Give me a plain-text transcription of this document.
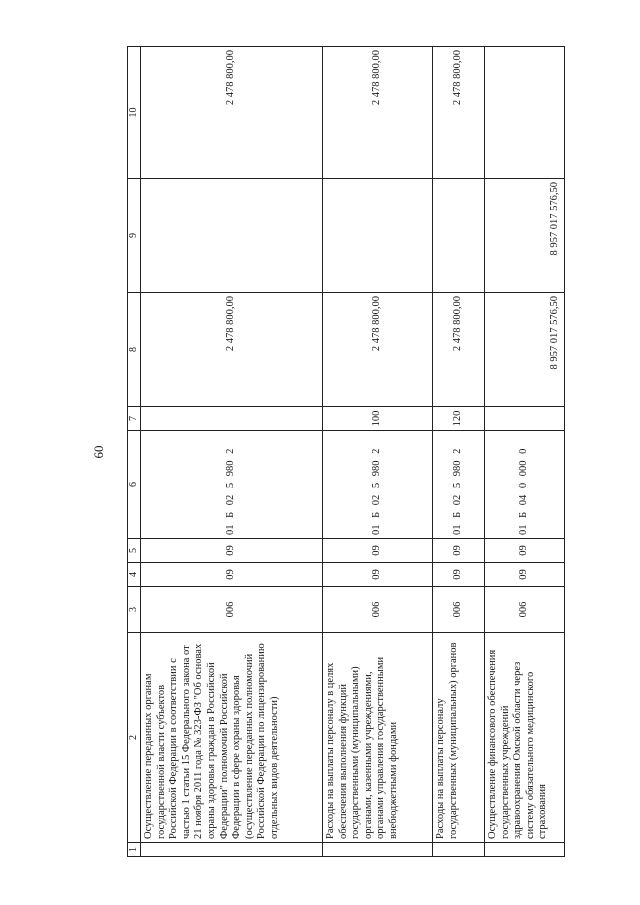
60
1	2	3	4	5	6	7	8	9	10
	Осуществление переданных органам государственной власти субъектов Российской Федерации в соответствии с частью 1 статьи 15 Федерального закона от 21 ноября 2011 года № 323-ФЗ "Об основах охраны здоровья граждан в Российской Федерации" полномочий Российской Федерации в сфере охраны здоровья (осуществление переданных полномочий Российской Федерации по лицензированию отдельных видов деятельности)	006	09	09	01 Б 02 5 980 2		2 478 800,00		2 478 800,00
	Расходы на выплаты персоналу в целях обеспечения выполнения функций государственными (муниципальными) органами, казенными учреждениями, органами управления государственными внебюджетными фондами	006	09	09	01 Б 02 5 980 2	100	2 478 800,00		2 478 800,00
	Расходы на выплаты персоналу государственных (муниципальных) органов	006	09	09	01 Б 02 5 980 2	120	2 478 800,00		2 478 800,00
	Осуществление финансового обеспечения государственных учреждений здравоохранения Омской области через систему обязательного медицинского страхования	006	09	09	01 Б 04 0 000 0		8 957 017 576,50	8 957 017 576,50	
